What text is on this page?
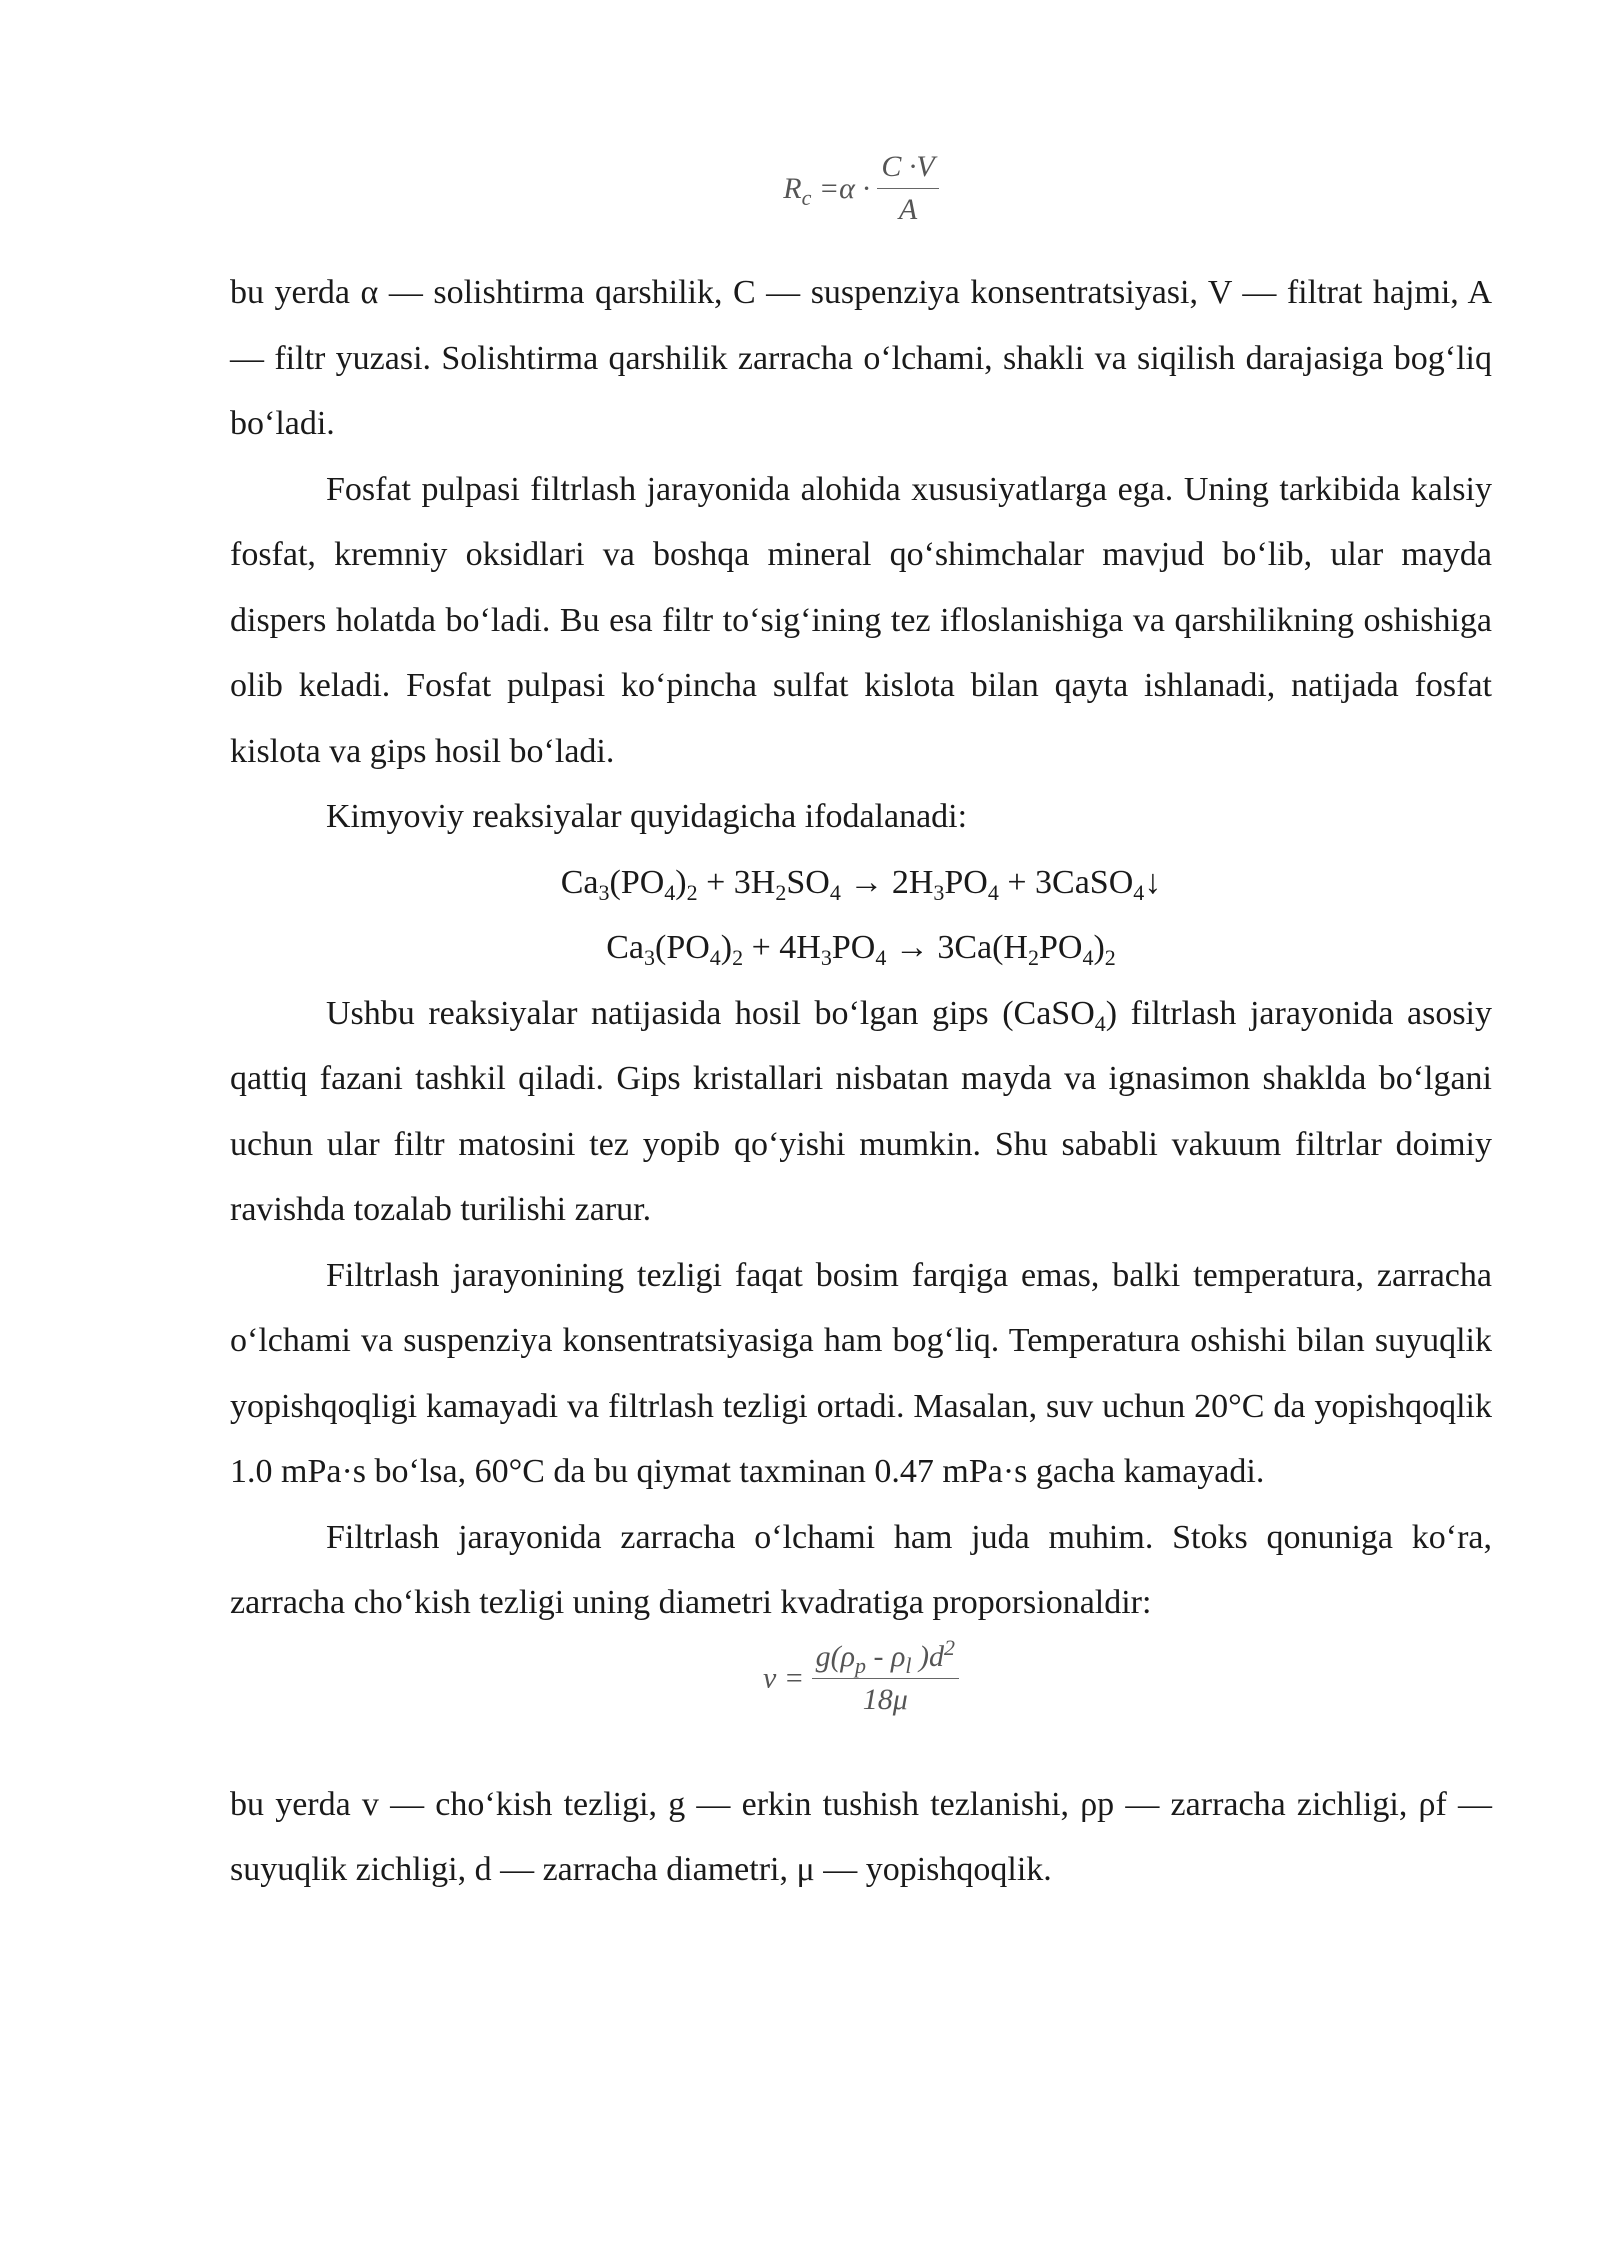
$R_c =\alpha \cdot \frac{C \cdot V}{A}$

bu yerda α — solishtirma qarshilik, C — suspenziya konsentratsiyasi, V — filtrat hajmi, A — filtr yuzasi. Solishtirma qarshilik zarracha oʻlchami, shakli va siqilish darajasiga bogʻliq boʻladi.

Fosfat pulpasi filtrlash jarayonida alohida xususiyatlarga ega. Uning tarkibida kalsiy fosfat, kremniy oksidlari va boshqa mineral qoʻshimchalar mavjud boʻlib, ular mayda dispers holatda boʻladi. Bu esa filtr toʻsigʻining tez ifloslanishiga va qarshilikning oshishiga olib keladi. Fosfat pulpasi koʻpincha sulfat kislota bilan qayta ishlanadi, natijada fosfat kislota va gips hosil boʻladi.

Kimyoviy reaksiyalar quyidagicha ifodalanadi:

$Ca_3(PO_4)_2 + 3H_2SO_4 \to 2H_3PO_4$ + 3CaSO$_4$↓

$Ca_3(PO_4)_2 + 4H_3PO_4 \to 3Ca(H_2PO_4)_2$

Ushbu reaksiyalar natijasida hosil boʻlgan gips (CaSO$_4$) filtrlash jarayonida asosiy qattiq fazani tashkil qiladi. Gips kristallari nisbatan mayda va ignasimon shaklda boʻlgani uchun ular filtr matosini tez yopib qoʻyishi mumkin. Shu sababli vakuum filtrlar doimiy ravishda tozalab turilishi zarur.

Filtrlash jarayonining tezligi faqat bosim farqiga emas, balki temperatura, zarracha oʻlchami va suspenziya konsentratsiyasiga ham bogʻliq. Temperatura oshishi bilan suyuqlik yopishqoqligi kamayadi va filtrlash tezligi ortadi. Masalan, suv uchun 20°C da yopishqoqlik 1.0 mPa·s boʻlsa, 60°C da bu qiymat taxminan 0.47 mPa·s gacha kamayadi.

Filtrlash jarayonida zarracha oʻlchami ham juda muhim. Stoks qonuniga koʻra, zarracha choʻkish tezligi uning diametri kvadratiga proporsionaldir:

$v = \frac{g(\rho_p - \rho_l )d^2}{18\mu}$

bu yerda v — choʻkish tezligi, g — erkin tushish tezlanishi, ρp — zarracha zichligi, ρf — suyuqlik zichligi, d — zarracha diametri, μ — yopishqoqlik.
